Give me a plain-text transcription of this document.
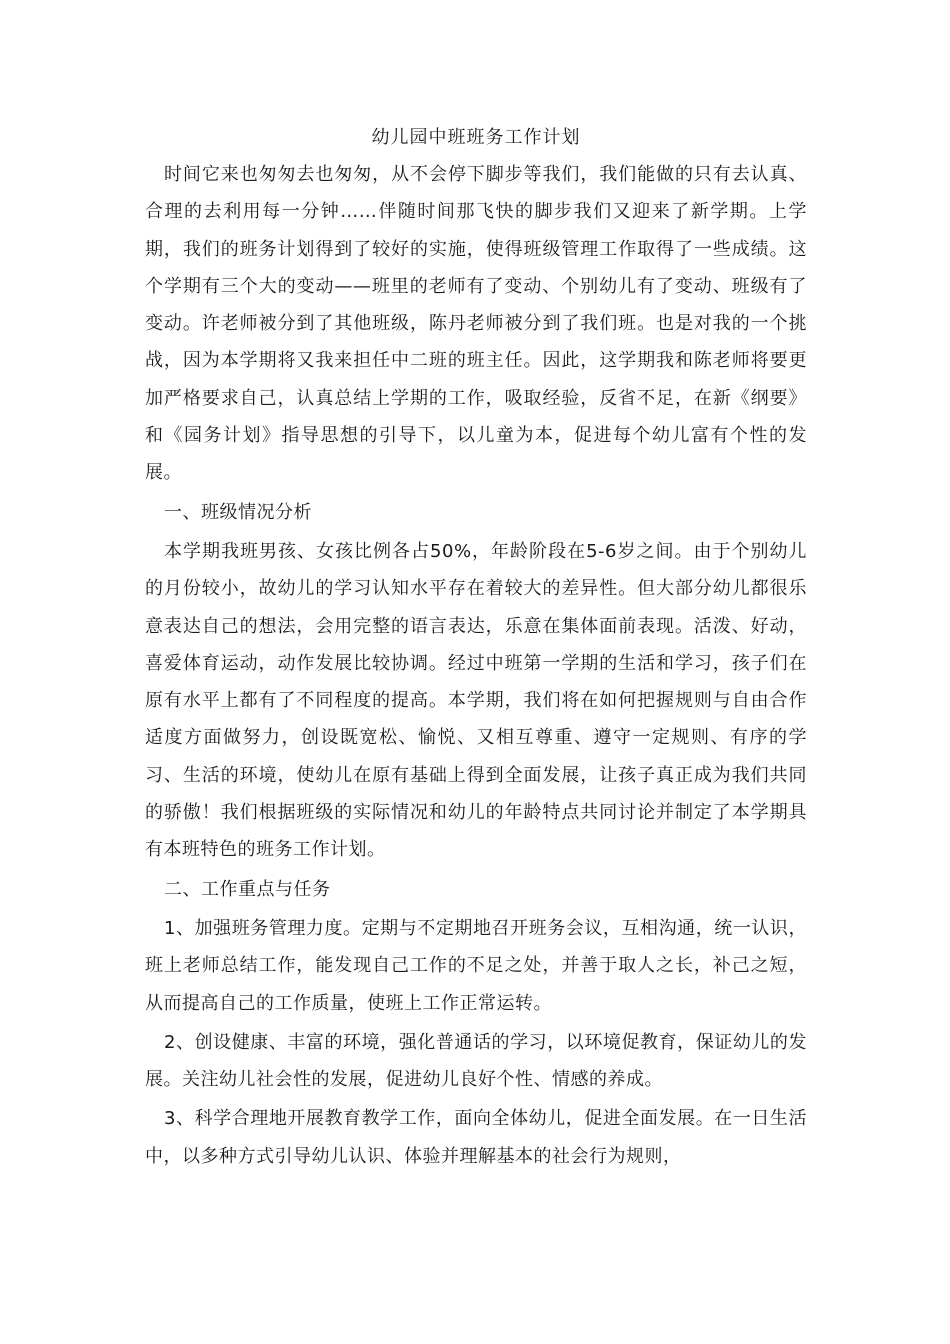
幼儿园中班班务工作计划

时间它来也匆匆去也匆匆，从不会停下脚步等我们，我们能做的只有去认真、合理的去利用每一分钟……伴随时间那飞快的脚步我们又迎来了新学期。上学期，我们的班务计划得到了较好的实施，使得班级管理工作取得了一些成绩。这个学期有三个大的变动——班里的老师有了变动、个别幼儿有了变动、班级有了变动。许老师被分到了其他班级，陈丹老师被分到了我们班。也是对我的一个挑战，因为本学期将又我来担任中二班的班主任。因此，这学期我和陈老师将要更加严格要求自己，认真总结上学期的工作，吸取经验，反省不足，在新《纲要》和《园务计划》指导思想的引导下，以儿童为本，促进每个幼儿富有个性的发展。

一、班级情况分析

本学期我班男孩、女孩比例各占50%，年龄阶段在5-6岁之间。由于个别幼儿的月份较小，故幼儿的学习认知水平存在着较大的差异性。但大部分幼儿都很乐意表达自己的想法，会用完整的语言表达，乐意在集体面前表现。活泼、好动，喜爱体育运动，动作发展比较协调。经过中班第一学期的生活和学习，孩子们在原有水平上都有了不同程度的提高。本学期，我们将在如何把握规则与自由合作适度方面做努力，创设既宽松、愉悦、又相互尊重、遵守一定规则、有序的学习、生活的环境，使幼儿在原有基础上得到全面发展，让孩子真正成为我们共同的骄傲！我们根据班级的实际情况和幼儿的年龄特点共同讨论并制定了本学期具有本班特色的班务工作计划。

二、工作重点与任务

1、加强班务管理力度。定期与不定期地召开班务会议，互相沟通，统一认识，班上老师总结工作，能发现自己工作的不足之处，并善于取人之长，补己之短，从而提高自己的工作质量，使班上工作正常运转。

2、创设健康、丰富的环境，强化普通话的学习，以环境促教育，保证幼儿的发展。关注幼儿社会性的发展，促进幼儿良好个性、情感的养成。

3、科学合理地开展教育教学工作，面向全体幼儿，促进全面发展。在一日生活中，以多种方式引导幼儿认识、体验并理解基本的社会行为规则，
